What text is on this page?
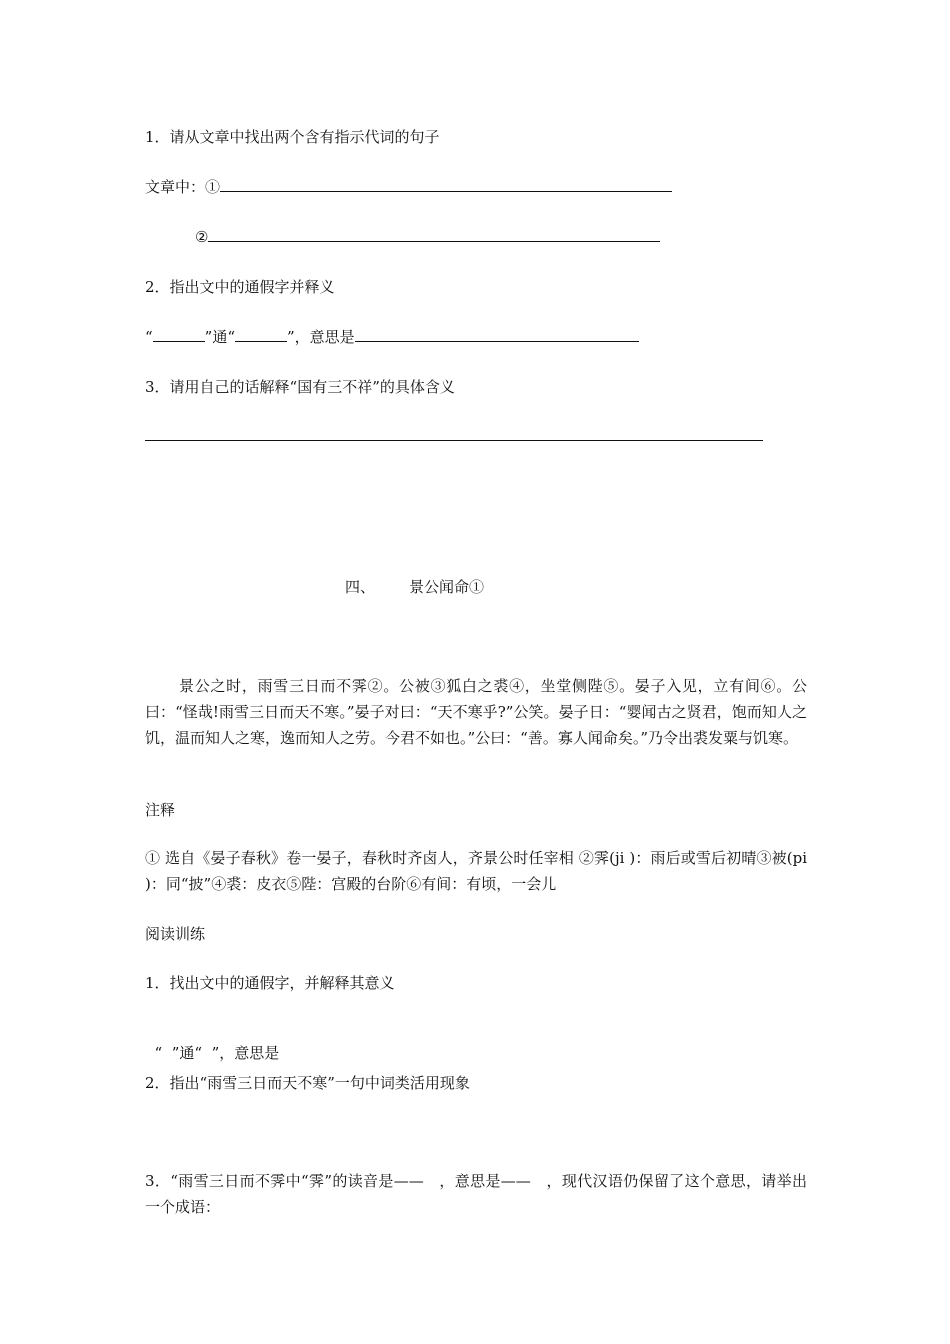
1．请从文章中找出两个含有指示代词的句子
文章中：①
②
2．指出文中的通假字并释义
“	”通“	”，意思是
3．请用自己的话解释“国有三不祥”的具体含义
四、 景公闻命①
景公之时，雨雪三日而不霁②。公被③狐白之裘④，坐堂侧陛⑤。晏子入见，立有间⑥。公曰：“怪哉!雨雪三日而天不寒。”晏子对曰：“天不寒乎?”公笑。晏子日：“婴闻古之贤君，饱而知人之饥，温而知人之寒，逸而知人之劳。今君不如也。”公曰：“善。寡人闻命矣。”乃令出裘发粟与饥寒。
注释
① 选自《晏子春秋》卷一晏子，春秋时齐卤人，齐景公时任宰相 ②霁(ji )：雨后或雪后初晴③被(pi )：同“披”④裘：皮衣⑤陛：宫殿的台阶⑥有间：有顷，一会儿
阅读训练
1．找出文中的通假字，并解释其意义

“  ”通“  ”，意思是

2．指出“雨雪三日而天不寒”一句中词类活用现象
3．“雨雪三日而不霁中“霁”的读音是——　，意思是——　，现代汉语仍保留了这个意思，请举出一个成语：
